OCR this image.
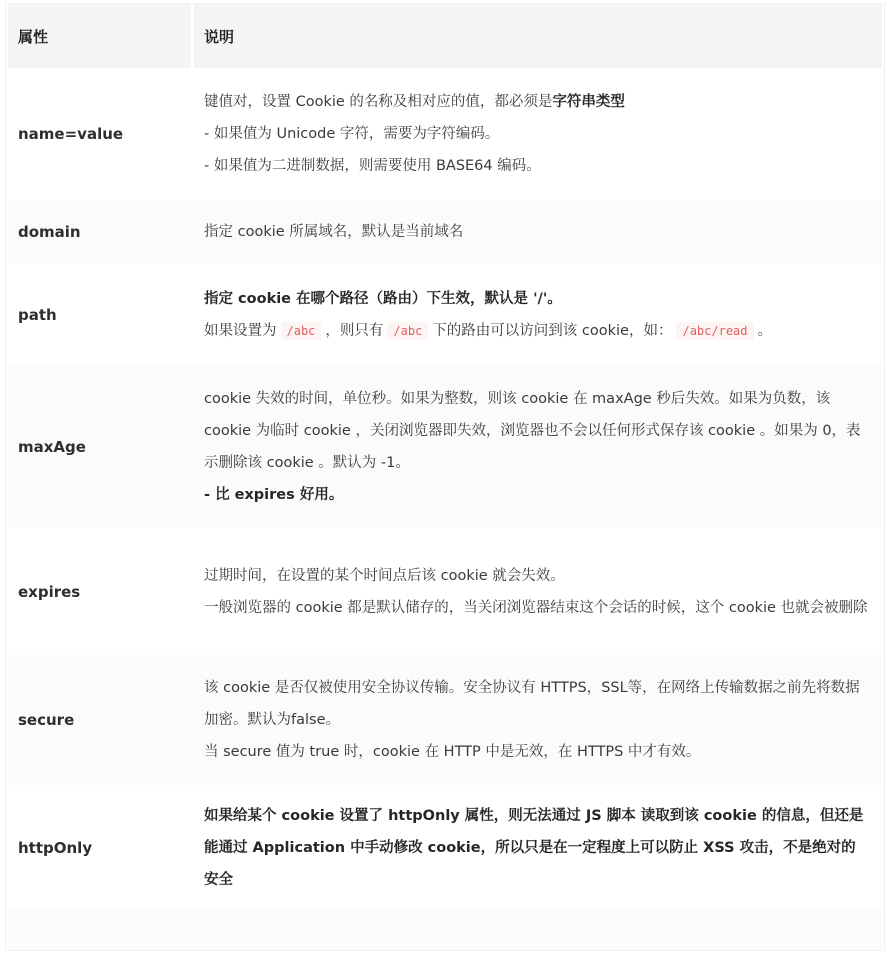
属性	说明
name=value	键值对，设置 Cookie 的名称及相对应的值，都必须是字符串类型
- 如果值为 Unicode 字符，需要为字符编码。
- 如果值为二进制数据，则需要使用 BASE64 编码。

domain	指定 cookie 所属域名，默认是当前域名

path	指定 cookie 在哪个路径（路由）下生效，默认是 '/'。
如果设置为 /abc ，则只有 /abc 下的路由可以访问到该 cookie，如： /abc/read 。

maxAge	cookie 失效的时间，单位秒。如果为整数，则该 cookie 在 maxAge 秒后失效。如果为负数，该 cookie 为临时 cookie ，关闭浏览器即失效，浏览器也不会以任何形式保存该 cookie 。如果为 0，表示删除该 cookie 。默认为 -1。
- 比 expires 好用。

expires	过期时间，在设置的某个时间点后该 cookie 就会失效。
一般浏览器的 cookie 都是默认储存的，当关闭浏览器结束这个会话的时候，这个 cookie 也就会被删除

secure	该 cookie 是否仅被使用安全协议传输。安全协议有 HTTPS，SSL等，在网络上传输数据之前先将数据加密。默认为false。
当 secure 值为 true 时，cookie 在 HTTP 中是无效，在 HTTPS 中才有效。

httpOnly	如果给某个 cookie 设置了 httpOnly 属性，则无法通过 JS 脚本 读取到该 cookie 的信息，但还是能通过 Application 中手动修改 cookie，所以只是在一定程度上可以防止 XSS 攻击，不是绝对的安全
